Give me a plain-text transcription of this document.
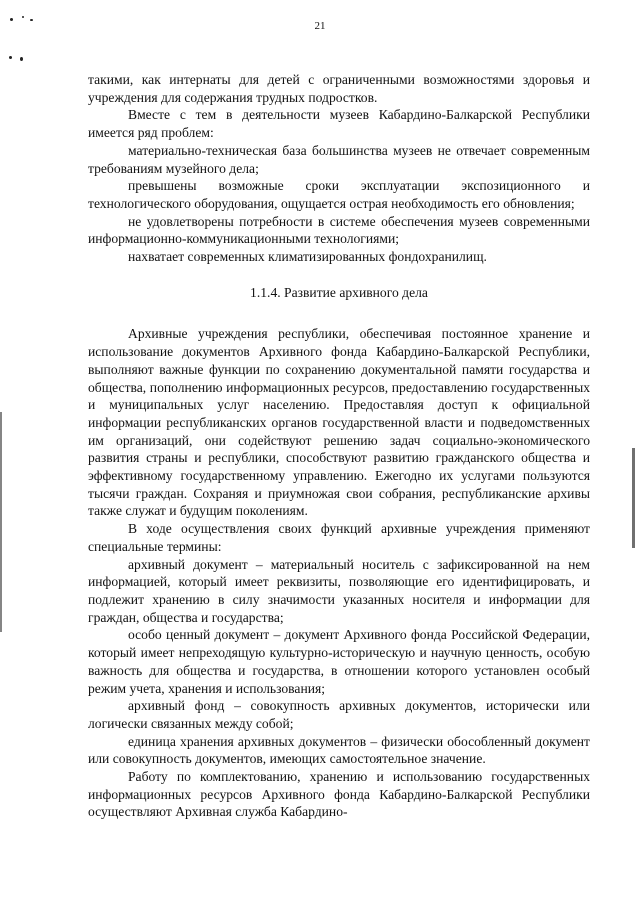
21

такими, как интернаты для детей с ограниченными возможностями здоровья и учреждения для содержания трудных подростков.

Вместе с тем в деятельности музеев Кабардино-Балкарской Республики имеется ряд проблем:

материально-техническая база большинства музеев не отвечает современным требованиям музейного дела;

превышены возможные сроки эксплуатации экспозиционного и технологического оборудования, ощущается острая необходимость его обновления;

не удовлетворены потребности в системе обеспечения музеев современными информационно-коммуникационными технологиями;

нахватает современных климатизированных фондохранилищ.

1.1.4. Развитие архивного дела

Архивные учреждения республики, обеспечивая постоянное хранение и использование документов Архивного фонда Кабардино-Балкарской Республики, выполняют важные функции по сохранению документальной памяти государства и общества, пополнению информационных ресурсов, предоставлению государственных и муниципальных услуг населению. Предоставляя доступ к официальной информации республиканских органов государственной власти и подведомственных им организаций, они содействуют решению задач социально-экономического развития страны и республики, способствуют развитию гражданского общества и эффективному государственному управлению. Ежегодно их услугами пользуются тысячи граждан. Сохраняя и приумножая свои собрания, республиканские архивы также служат и будущим поколениям.

В ходе осуществления своих функций архивные учреждения применяют специальные термины:

архивный документ – материальный носитель с зафиксированной на нем информацией, который имеет реквизиты, позволяющие его идентифицировать, и подлежит хранению в силу значимости указанных носителя и информации для граждан, общества и государства;

особо ценный документ – документ Архивного фонда Российской Федерации, который имеет непреходящую культурно-историческую и научную ценность, особую важность для общества и государства, в отношении которого установлен особый режим учета, хранения и использования;

архивный фонд – совокупность архивных документов, исторически или логически связанных между собой;

единица хранения архивных документов – физически обособленный документ или совокупность документов, имеющих самостоятельное значение.

Работу по комплектованию, хранению и использованию государственных информационных ресурсов Архивного фонда Кабардино-Балкарской Республики осуществляют Архивная служба Кабардино-
